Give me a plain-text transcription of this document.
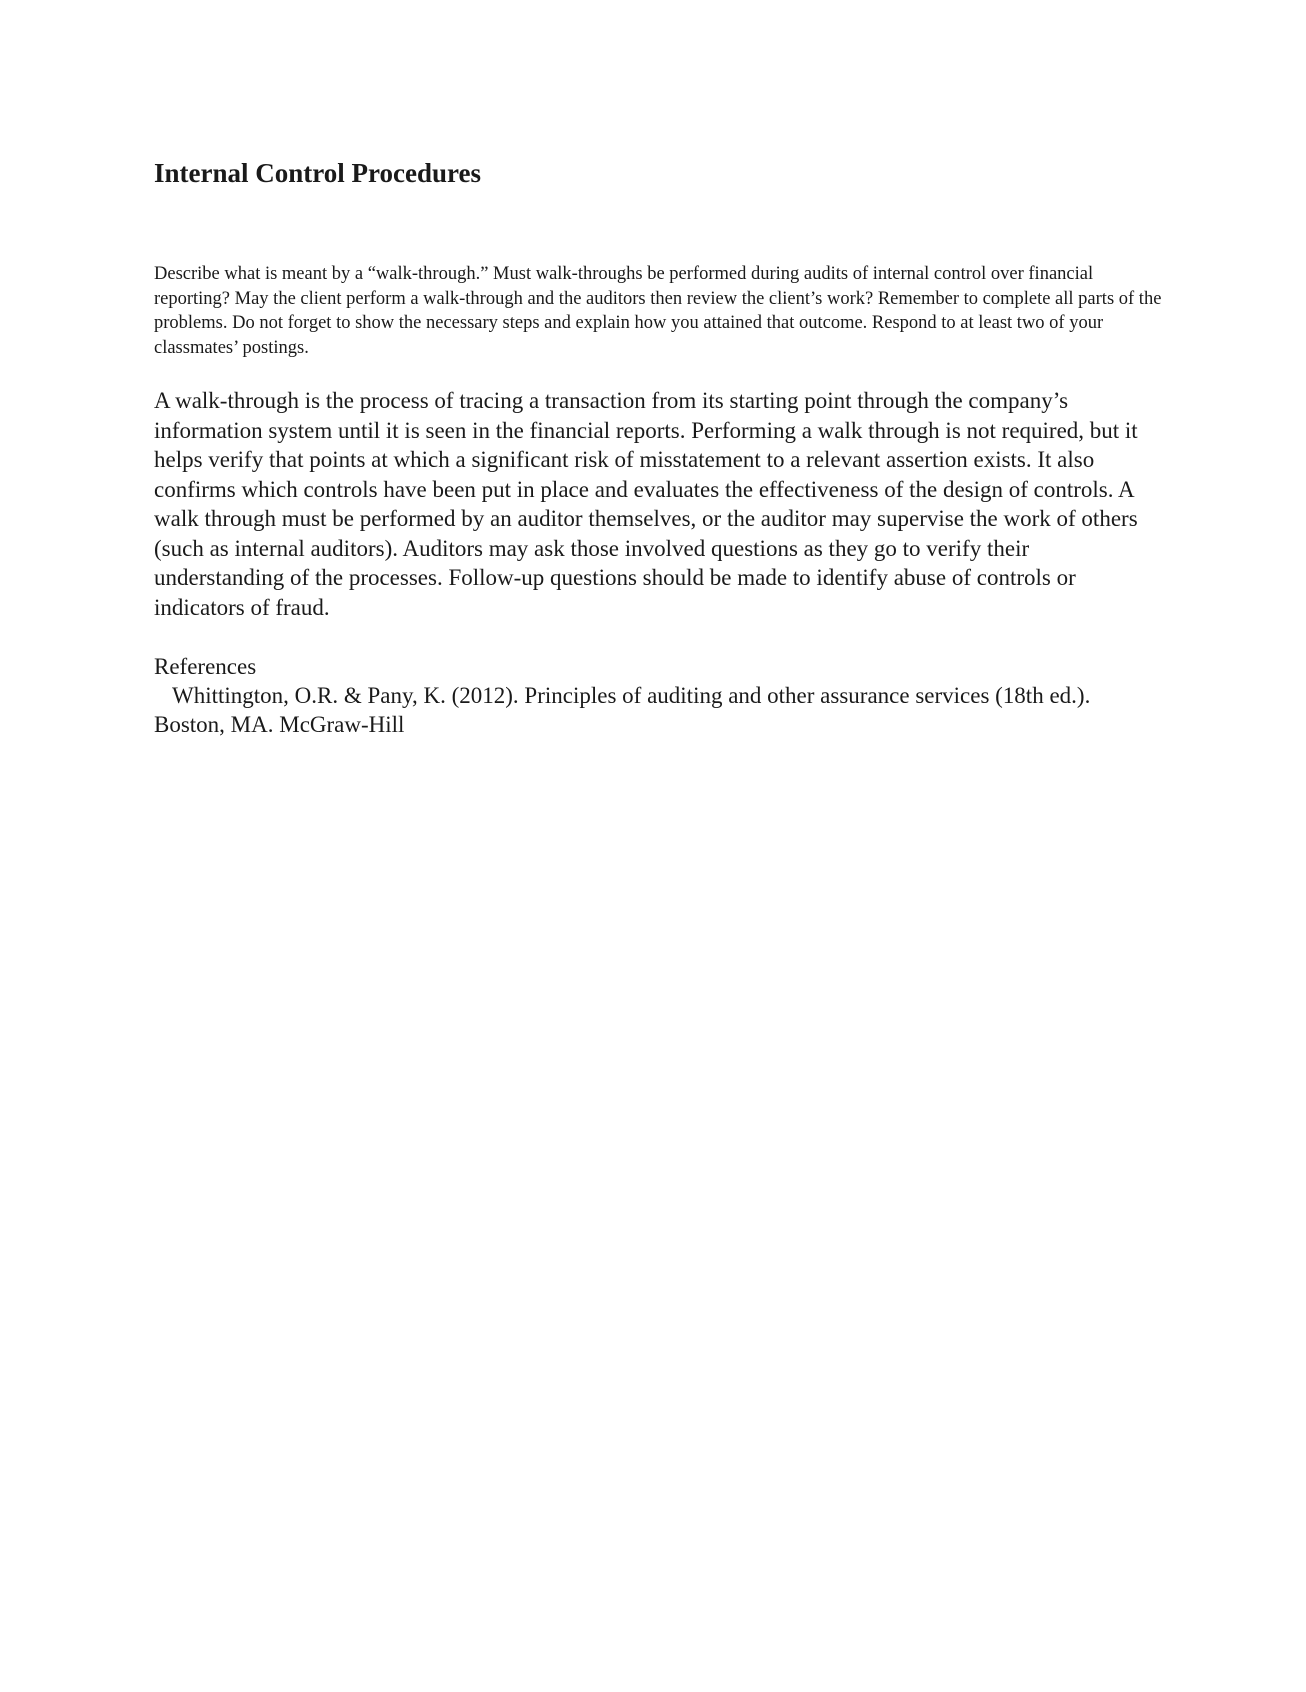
Internal Control Procedures

Describe what is meant by a “walk-through.” Must walk-throughs be performed during audits of internal control over financial reporting? May the client perform a walk-through and the auditors then review the client’s work? Remember to complete all parts of the problems. Do not forget to show the necessary steps and explain how you attained that outcome. Respond to at least two of your classmates’ postings.

A walk-through is the process of tracing a transaction from its starting point through the company’s information system until it is seen in the financial reports. Performing a walk through is not required, but it helps verify that points at which a significant risk of misstatement to a relevant assertion exists. It also confirms which controls have been put in place and evaluates the effectiveness of the design of controls. A walk through must be performed by an auditor themselves, or the auditor may supervise the work of others (such as internal auditors). Auditors may ask those involved questions as they go to verify their understanding of the processes. Follow-up questions should be made to identify abuse of controls or indicators of fraud.

References
Whittington, O.R. & Pany, K. (2012). Principles of auditing and other assurance services (18th ed.). Boston, MA. McGraw-Hill
